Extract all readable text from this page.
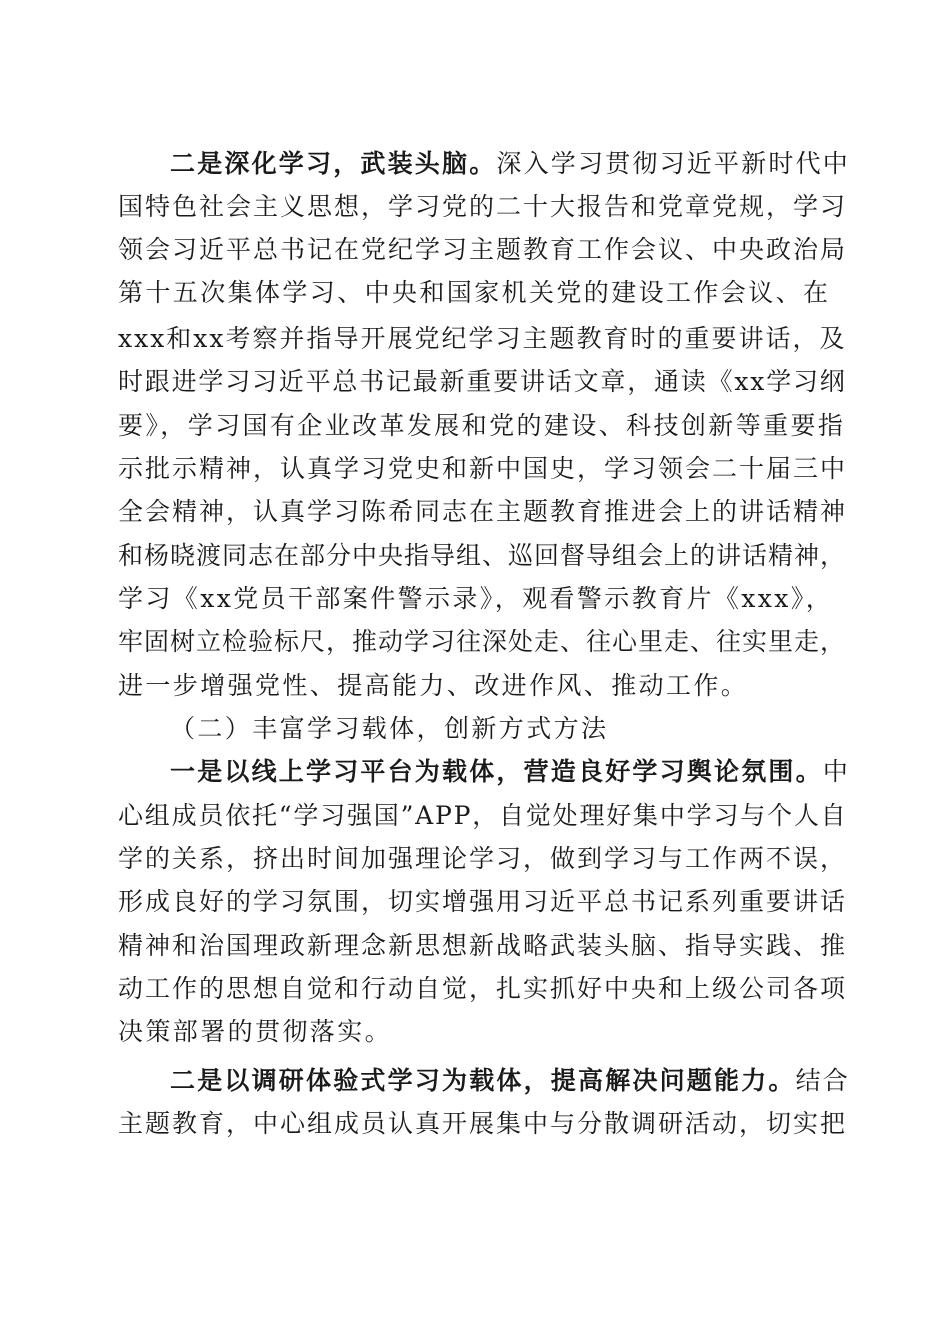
二是深化学习，武装头脑。深入学习贯彻习近平新时代中
国特色社会主义思想，学习党的二十大报告和党章党规，学习
领会习近平总书记在党纪学习主题教育工作会议、中央政治局
第十五次集体学习、中央和国家机关党的建设工作会议、在
xxx和xx考察并指导开展党纪学习主题教育时的重要讲话，及
时跟进学习习近平总书记最新重要讲话文章，通读《xx学习纲
要》，学习国有企业改革发展和党的建设、科技创新等重要指
示批示精神，认真学习党史和新中国史，学习领会二十届三中
全会精神，认真学习陈希同志在主题教育推进会上的讲话精神
和杨晓渡同志在部分中央指导组、巡回督导组会上的讲话精神，
学习《xx党员干部案件警示录》，观看警示教育片《xxx》，
牢固树立检验标尺，推动学习往深处走、往心里走、往实里走，
进一步增强党性、提高能力、改进作风、推动工作。
（二）丰富学习载体，创新方式方法
一是以线上学习平台为载体，营造良好学习舆论氛围。中
心组成员依托“学习强国”APP，自觉处理好集中学习与个人自
学的关系，挤出时间加强理论学习，做到学习与工作两不误，
形成良好的学习氛围，切实增强用习近平总书记系列重要讲话
精神和治国理政新理念新思想新战略武装头脑、指导实践、推
动工作的思想自觉和行动自觉，扎实抓好中央和上级公司各项
决策部署的贯彻落实。
二是以调研体验式学习为载体，提高解决问题能力。结合
主题教育，中心组成员认真开展集中与分散调研活动，切实把
